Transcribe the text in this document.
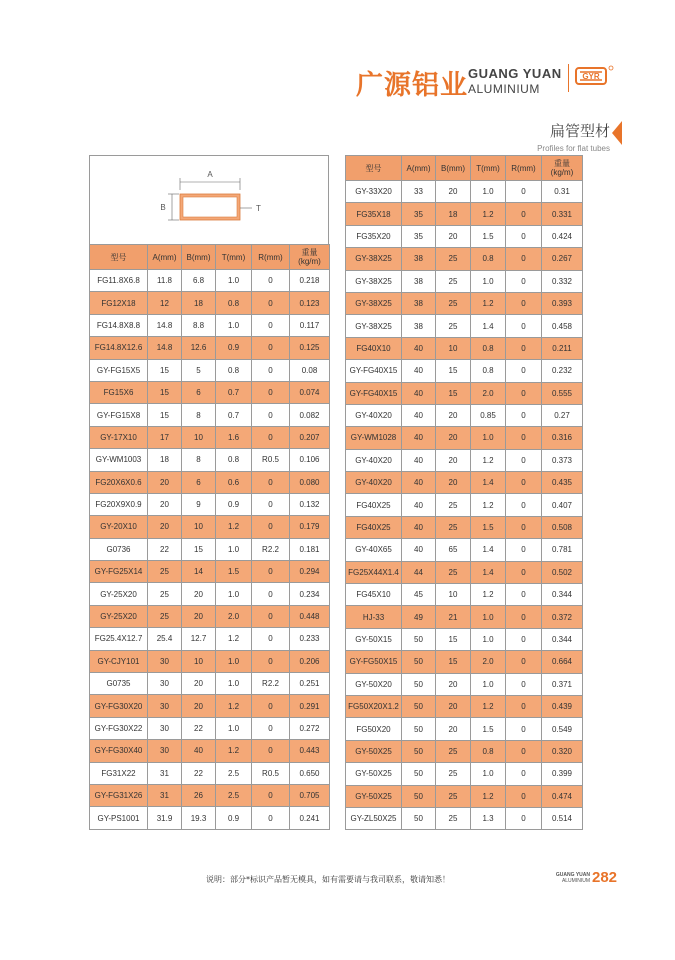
广源铝业 GUANG YUAN
ALUMINIUM
GYR
扁管型材
Profiles for flat tubes
A
B	T
型号	A(mm)	B(mm)	T(mm)	R(mm)	重量
(kg/m)

FG11.8X6.8	11.8	6.8	1.0	0	0.218
FG12X18	12	18	0.8	0	0.123
FG14.8X8.8	14.8	8.8	1.0	0	0.117
FG14.8X12.6	14.8	12.6	0.9	0	0.125
GY-FG15X5	15	5	0.8	0	0.08
FG15X6	15	6	0.7	0	0.074
GY-FG15X8	15	8	0.7	0	0.082
GY-17X10	17	10	1.6	0	0.207
GY-WM1003	18	8	0.8	R0.5	0.106
FG20X6X0.6	20	6	0.6	0	0.080
FG20X9X0.9	20	9	0.9	0	0.132
GY-20X10	20	10	1.2	0	0.179
G0736	22	15	1.0	R2.2	0.181
GY-FG25X14	25	14	1.5	0	0.294
GY-25X20	25	20	1.0	0	0.234
GY-25X20	25	20	2.0	0	0.448
FG25.4X12.7	25.4	12.7	1.2	0	0.233
GY-CJY101	30	10	1.0	0	0.206
G0735	30	20	1.0	R2.2	0.251
GY-FG30X20	30	20	1.2	0	0.291
GY-FG30X22	30	22	1.0	0	0.272
GY-FG30X40	30	40	1.2	0	0.443
FG31X22	31	22	2.5	R0.5	0.650
GY-FG31X26	31	26	2.5	0	0.705
GY-PS1001	31.9	19.3	0.9	0	0.241
型号	A(mm)	B(mm)	T(mm)	R(mm)	重量
(kg/m)

GY-33X20	33	20	1.0	0	0.31
FG35X18	35	18	1.2	0	0.331
FG35X20	35	20	1.5	0	0.424
GY-38X25	38	25	0.8	0	0.267
GY-38X25	38	25	1.0	0	0.332
GY-38X25	38	25	1.2	0	0.393
GY-38X25	38	25	1.4	0	0.458
FG40X10	40	10	0.8	0	0.211
GY-FG40X15	40	15	0.8	0	0.232
GY-FG40X15	40	15	2.0	0	0.555
GY-40X20	40	20	0.85	0	0.27
GY-WM1028	40	20	1.0	0	0.316
GY-40X20	40	20	1.2	0	0.373
GY-40X20	40	20	1.4	0	0.435
FG40X25	40	25	1.2	0	0.407
FG40X25	40	25	1.5	0	0.508
GY-40X65	40	65	1.4	0	0.781
FG25X44X1.4	44	25	1.4	0	0.502
FG45X10	45	10	1.2	0	0.344
HJ-33	49	21	1.0	0	0.372
GY-50X15	50	15	1.0	0	0.344
GY-FG50X15	50	15	2.0	0	0.664
GY-50X20	50	20	1.0	0	0.371
FG50X20X1.2	50	20	1.2	0	0.439
FG50X20	50	20	1.5	0	0.549
GY-50X25	50	25	0.8	0	0.320
GY-50X25	50	25	1.0	0	0.399
GY-50X25	50	25	1.2	0	0.474
GY-ZL50X25	50	25	1.3	0	0.514
说明：部分*标识产品暂无模具，如有需要请与我司联系，敬请知悉！	GUANG YUAN
ALUMINIUM 282
